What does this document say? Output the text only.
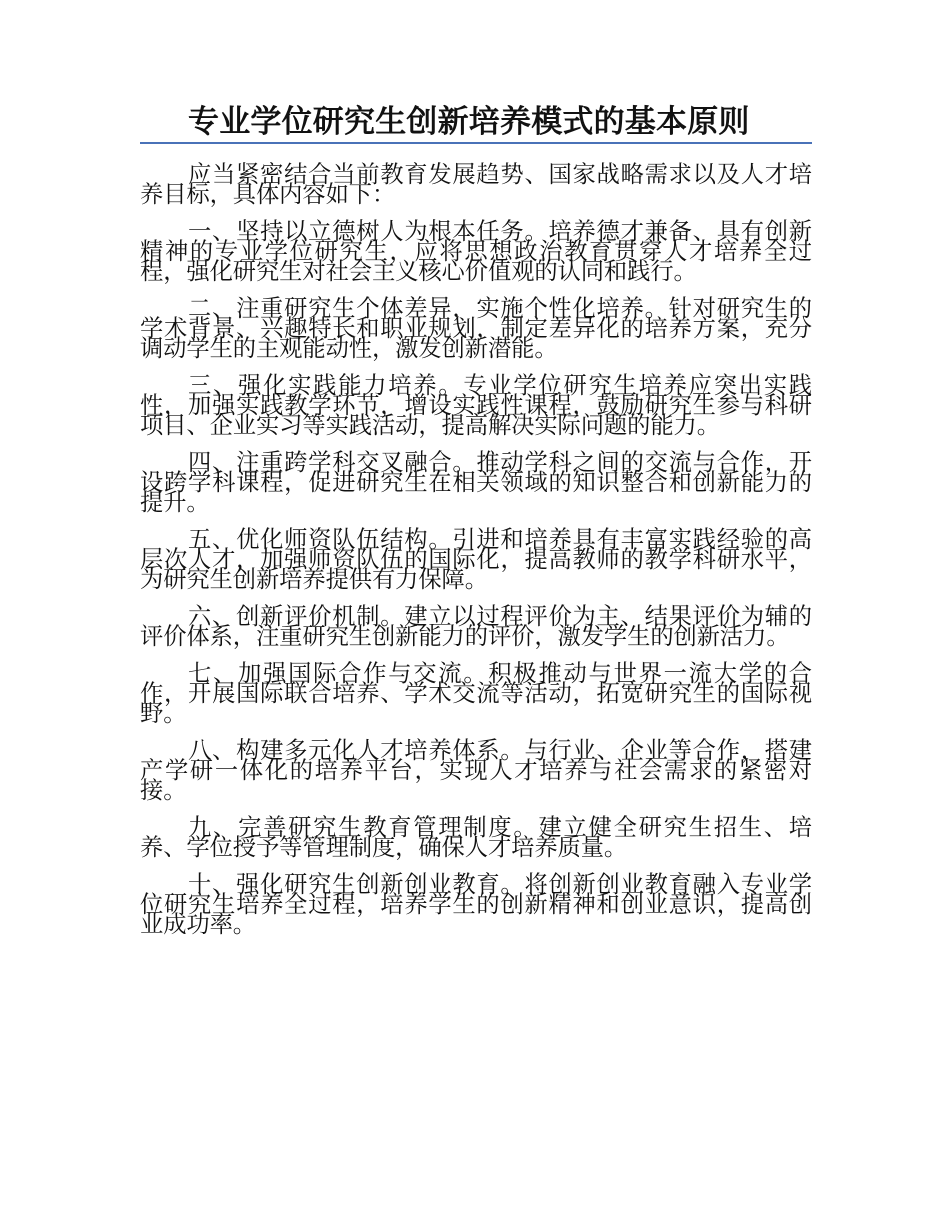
专业学位研究生创新培养模式的基本原则

应当紧密结合当前教育发展趋势、国家战略需求以及人才培养目标，具体内容如下：

一、坚持以立德树人为根本任务。培养德才兼备、具有创新精神的专业学位研究生，应将思想政治教育贯穿人才培养全过程，强化研究生对社会主义核心价值观的认同和践行。

二、注重研究生个体差异，实施个性化培养。针对研究生的学术背景、兴趣特长和职业规划，制定差异化的培养方案，充分调动学生的主观能动性，激发创新潜能。

三、强化实践能力培养。专业学位研究生培养应突出实践性，加强实践教学环节，增设实践性课程，鼓励研究生参与科研项目、企业实习等实践活动，提高解决实际问题的能力。

四、注重跨学科交叉融合。推动学科之间的交流与合作，开设跨学科课程，促进研究生在相关领域的知识整合和创新能力的提升。

五、优化师资队伍结构。引进和培养具有丰富实践经验的高层次人才，加强师资队伍的国际化，提高教师的教学科研水平，为研究生创新培养提供有力保障。

六、创新评价机制。建立以过程评价为主、结果评价为辅的评价体系，注重研究生创新能力的评价，激发学生的创新活力。

七、加强国际合作与交流。积极推动与世界一流大学的合作，开展国际联合培养、学术交流等活动，拓宽研究生的国际视野。

八、构建多元化人才培养体系。与行业、企业等合作，搭建产学研一体化的培养平台，实现人才培养与社会需求的紧密对接。

九、完善研究生教育管理制度。建立健全研究生招生、培养、学位授予等管理制度，确保人才培养质量。

十、强化研究生创新创业教育。将创新创业教育融入专业学位研究生培养全过程，培养学生的创新精神和创业意识，提高创业成功率。
